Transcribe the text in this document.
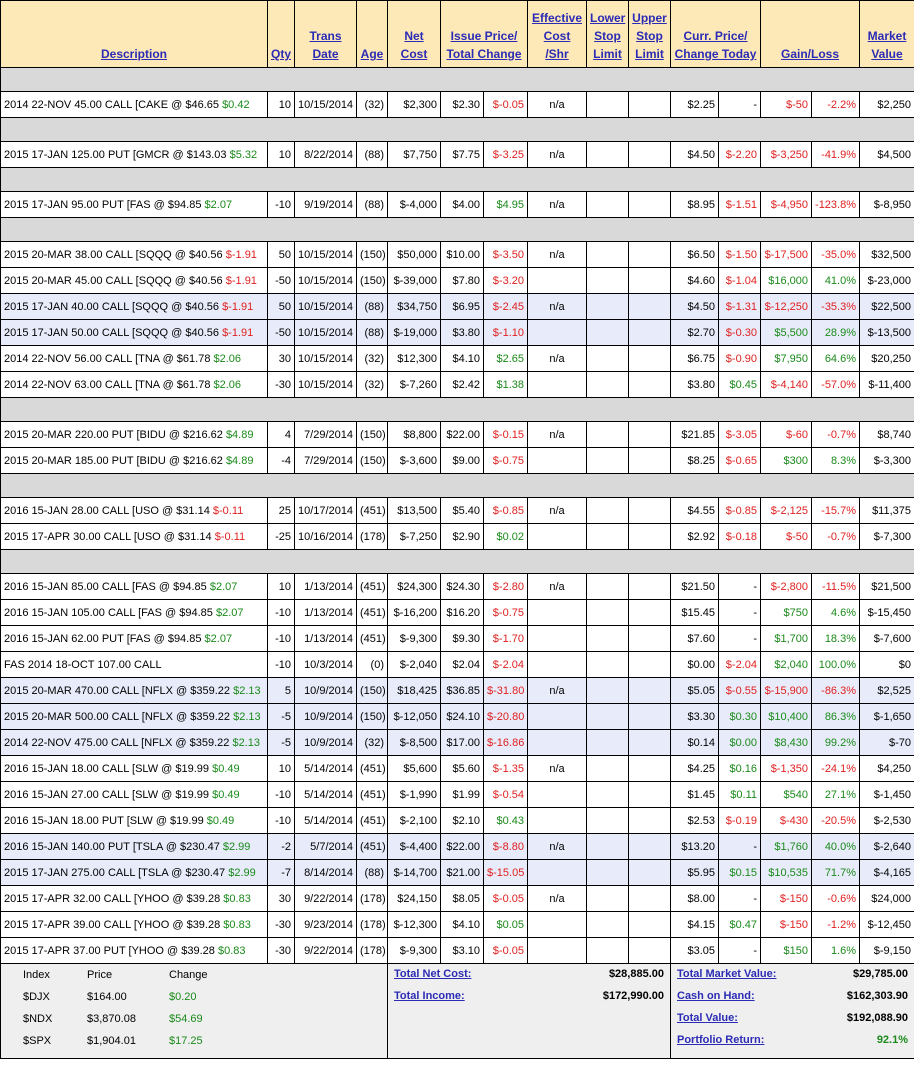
Description	Qty	Trans Date	Age	Net Cost	Issue Price/ Total Change	Effective Cost /Shr	Lower Stop Limit	Upper Stop Limit	Curr. Price/ Change Today	Gain/Loss	Market Value

2014 22-NOV 45.00 CALL [CAKE @ $46.65 $0.42	10	10/15/2014	(32)	$2,300	$2.30	$-0.05	n/a			$2.25	-	$-50	-2.2%	$2,250

2015 17-JAN 125.00 PUT [GMCR @ $143.03 $5.32	10	8/22/2014	(88)	$7,750	$7.75	$-3.25	n/a			$4.50	$-2.20	$-3,250	-41.9%	$4,500

2015 17-JAN 95.00 PUT [FAS @ $94.85 $2.07	-10	9/19/2014	(88)	$-4,000	$4.00	$4.95	n/a			$8.95	$-1.51	$-4,950	-123.8%	$-8,950

2015 20-MAR 38.00 CALL [SQQQ @ $40.56 $-1.91	50	10/15/2014	(150)	$50,000	$10.00	$-3.50	n/a			$6.50	$-1.50	$-17,500	-35.0%	$32,500
2015 20-MAR 45.00 CALL [SQQQ @ $40.56 $-1.91	-50	10/15/2014	(150)	$-39,000	$7.80	$-3.20				$4.60	$-1.04	$16,000	41.0%	$-23,000
2015 17-JAN 40.00 CALL [SQQQ @ $40.56 $-1.91	50	10/15/2014	(88)	$34,750	$6.95	$-2.45	n/a			$4.50	$-1.31	$-12,250	-35.3%	$22,500
2015 17-JAN 50.00 CALL [SQQQ @ $40.56 $-1.91	-50	10/15/2014	(88)	$-19,000	$3.80	$-1.10				$2.70	$-0.30	$5,500	28.9%	$-13,500
2014 22-NOV 56.00 CALL [TNA @ $61.78 $2.06	30	10/15/2014	(32)	$12,300	$4.10	$2.65	n/a			$6.75	$-0.90	$7,950	64.6%	$20,250
2014 22-NOV 63.00 CALL [TNA @ $61.78 $2.06	-30	10/15/2014	(32)	$-7,260	$2.42	$1.38				$3.80	$0.45	$-4,140	-57.0%	$-11,400

2015 20-MAR 220.00 PUT [BIDU @ $216.62 $4.89	4	7/29/2014	(150)	$8,800	$22.00	$-0.15	n/a			$21.85	$-3.05	$-60	-0.7%	$8,740
2015 20-MAR 185.00 PUT [BIDU @ $216.62 $4.89	-4	7/29/2014	(150)	$-3,600	$9.00	$-0.75				$8.25	$-0.65	$300	8.3%	$-3,300

2016 15-JAN 28.00 CALL [USO @ $31.14 $-0.11	25	10/17/2014	(451)	$13,500	$5.40	$-0.85	n/a			$4.55	$-0.85	$-2,125	-15.7%	$11,375
2015 17-APR 30.00 CALL [USO @ $31.14 $-0.11	-25	10/16/2014	(178)	$-7,250	$2.90	$0.02				$2.92	$-0.18	$-50	-0.7%	$-7,300

2016 15-JAN 85.00 CALL [FAS @ $94.85 $2.07	10	1/13/2014	(451)	$24,300	$24.30	$-2.80	n/a			$21.50	-	$-2,800	-11.5%	$21,500
2016 15-JAN 105.00 CALL [FAS @ $94.85 $2.07	-10	1/13/2014	(451)	$-16,200	$16.20	$-0.75				$15.45	-	$750	4.6%	$-15,450
2016 15-JAN 62.00 PUT [FAS @ $94.85 $2.07	-10	1/13/2014	(451)	$-9,300	$9.30	$-1.70				$7.60	-	$1,700	18.3%	$-7,600
FAS 2014 18-OCT 107.00 CALL	-10	10/3/2014	(0)	$-2,040	$2.04	$-2.04				$0.00	$-2.04	$2,040	100.0%	$0
2015 20-MAR 470.00 CALL [NFLX @ $359.22 $2.13	5	10/9/2014	(150)	$18,425	$36.85	$-31.80	n/a			$5.05	$-0.55	$-15,900	-86.3%	$2,525
2015 20-MAR 500.00 CALL [NFLX @ $359.22 $2.13	-5	10/9/2014	(150)	$-12,050	$24.10	$-20.80				$3.30	$0.30	$10,400	86.3%	$-1,650
2014 22-NOV 475.00 CALL [NFLX @ $359.22 $2.13	-5	10/9/2014	(32)	$-8,500	$17.00	$-16.86				$0.14	$0.00	$8,430	99.2%	$-70
2016 15-JAN 18.00 CALL [SLW @ $19.99 $0.49	10	5/14/2014	(451)	$5,600	$5.60	$-1.35	n/a			$4.25	$0.16	$-1,350	-24.1%	$4,250
2016 15-JAN 27.00 CALL [SLW @ $19.99 $0.49	-10	5/14/2014	(451)	$-1,990	$1.99	$-0.54				$1.45	$0.11	$540	27.1%	$-1,450
2016 15-JAN 18.00 PUT [SLW @ $19.99 $0.49	-10	5/14/2014	(451)	$-2,100	$2.10	$0.43				$2.53	$-0.19	$-430	-20.5%	$-2,530
2016 15-JAN 140.00 PUT [TSLA @ $230.47 $2.99	-2	5/7/2014	(451)	$-4,400	$22.00	$-8.80	n/a			$13.20	-	$1,760	40.0%	$-2,640
2015 17-JAN 275.00 CALL [TSLA @ $230.47 $2.99	-7	8/14/2014	(88)	$-14,700	$21.00	$-15.05				$5.95	$0.15	$10,535	71.7%	$-4,165
2015 17-APR 32.00 CALL [YHOO @ $39.28 $0.83	30	9/22/2014	(178)	$24,150	$8.05	$-0.05	n/a			$8.00	-	$-150	-0.6%	$24,000
2015 17-APR 39.00 CALL [YHOO @ $39.28 $0.83	-30	9/23/2014	(178)	$-12,300	$4.10	$0.05				$4.15	$0.47	$-150	-1.2%	$-12,450
2015 17-APR 37.00 PUT [YHOO @ $39.28 $0.83	-30	9/22/2014	(178)	$-9,300	$3.10	$-0.05				$3.05	-	$150	1.6%	$-9,150

Index	Price	Change
$DJX	$164.00	$0.20
$NDX	$3,870.08	$54.69
$SPX	$1,904.01	$17.25

Total Net Cost:	$28,885.00
Total Income:	$172,990.00

Total Market Value:	$29,785.00
Cash on Hand:	$162,303.90
Total Value:	$192,088.90
Portfolio Return:	92.1%
